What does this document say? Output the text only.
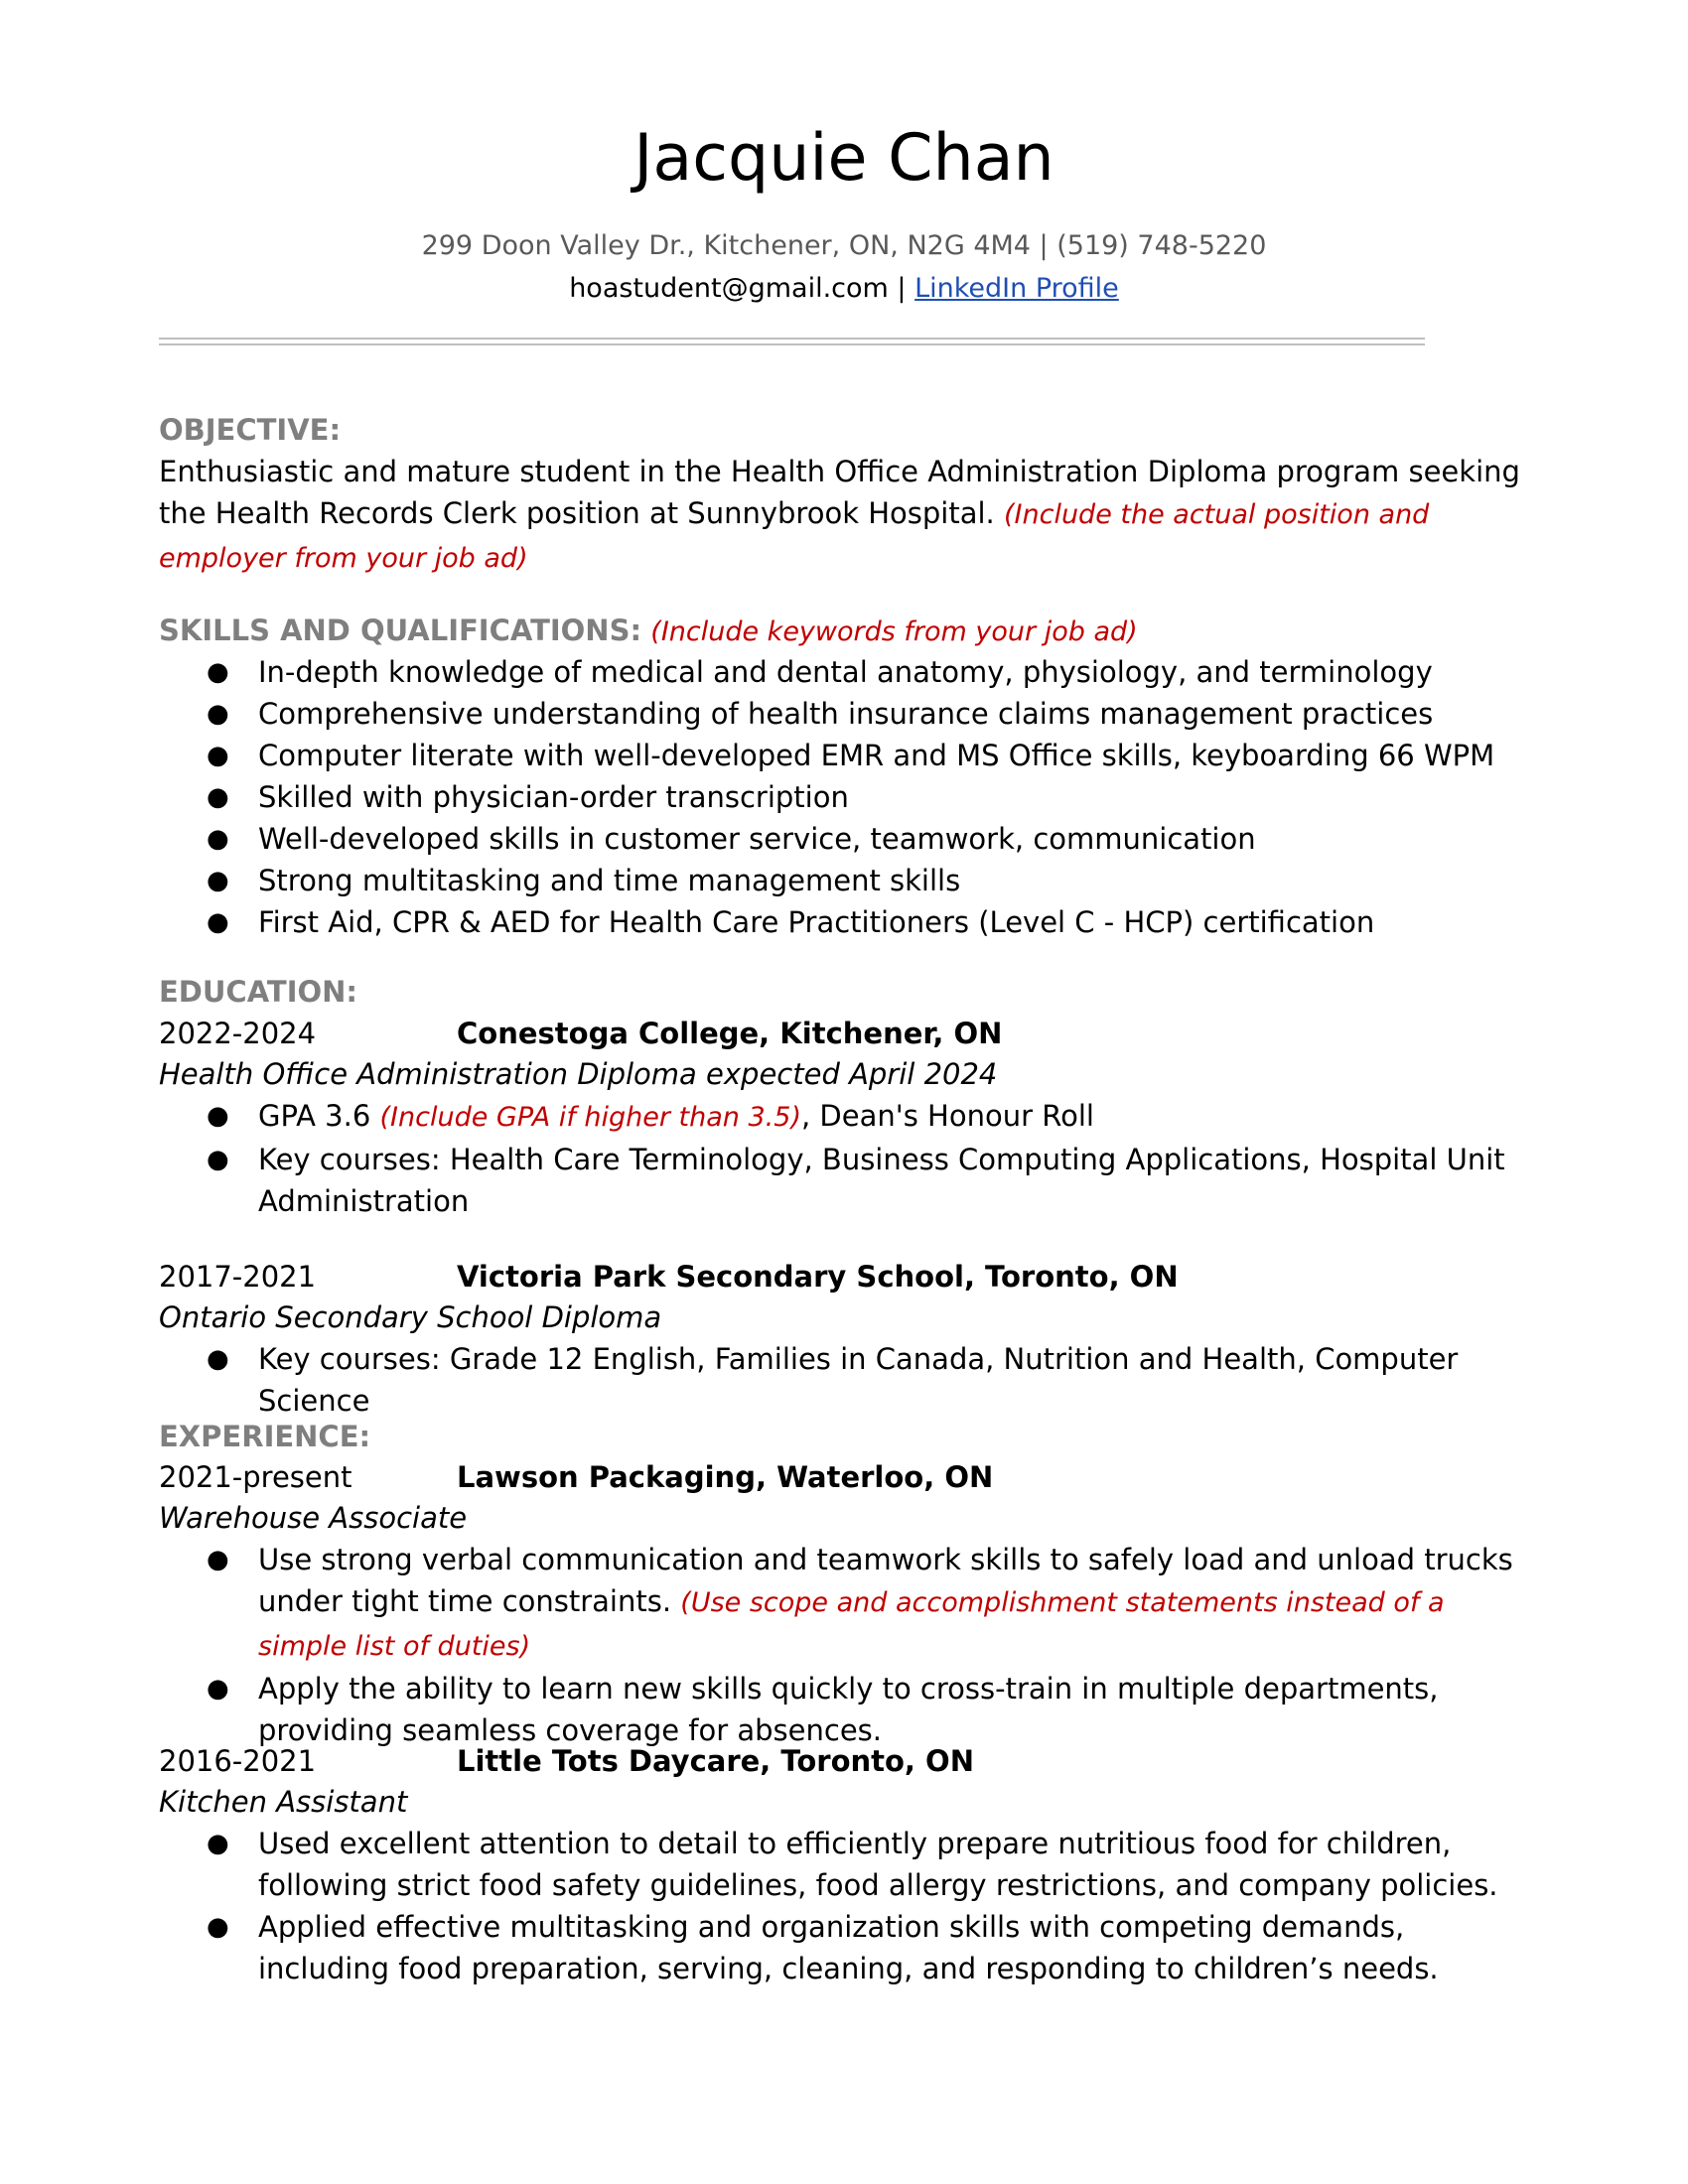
Jacquie Chan
299 Doon Valley Dr., Kitchener, ON, N2G 4M4 | (519) 748-5220
hoastudent@gmail.com | LinkedIn Profile
OBJECTIVE:
Enthusiastic and mature student in the Health Office Administration Diploma program seeking the Health Records Clerk position at Sunnybrook Hospital. (Include the actual position and employer from your job ad)
SKILLS AND QUALIFICATIONS: (Include keywords from your job ad)
● In-depth knowledge of medical and dental anatomy, physiology, and terminology
● Comprehensive understanding of health insurance claims management practices
● Computer literate with well-developed EMR and MS Office skills, keyboarding 66 WPM
● Skilled with physician-order transcription
● Well-developed skills in customer service, teamwork, communication
● Strong multitasking and time management skills
● First Aid, CPR & AED for Health Care Practitioners (Level C - HCP) certification
EDUCATION:
2022-2024	Conestoga College, Kitchener, ON
Health Office Administration Diploma expected April 2024
● GPA 3.6 (Include GPA if higher than 3.5), Dean's Honour Roll
● Key courses: Health Care Terminology, Business Computing Applications, Hospital Unit Administration
2017-2021	Victoria Park Secondary School, Toronto, ON
Ontario Secondary School Diploma
● Key courses: Grade 12 English, Families in Canada, Nutrition and Health, Computer Science
EXPERIENCE:
2021-present	Lawson Packaging, Waterloo, ON
Warehouse Associate
● Use strong verbal communication and teamwork skills to safely load and unload trucks under tight time constraints. (Use scope and accomplishment statements instead of a simple list of duties)
● Apply the ability to learn new skills quickly to cross-train in multiple departments, providing seamless coverage for absences.
2016-2021	Little Tots Daycare, Toronto, ON
Kitchen Assistant
● Used excellent attention to detail to efficiently prepare nutritious food for children, following strict food safety guidelines, food allergy restrictions, and company policies.
● Applied effective multitasking and organization skills with competing demands, including food preparation, serving, cleaning, and responding to children’s needs.
